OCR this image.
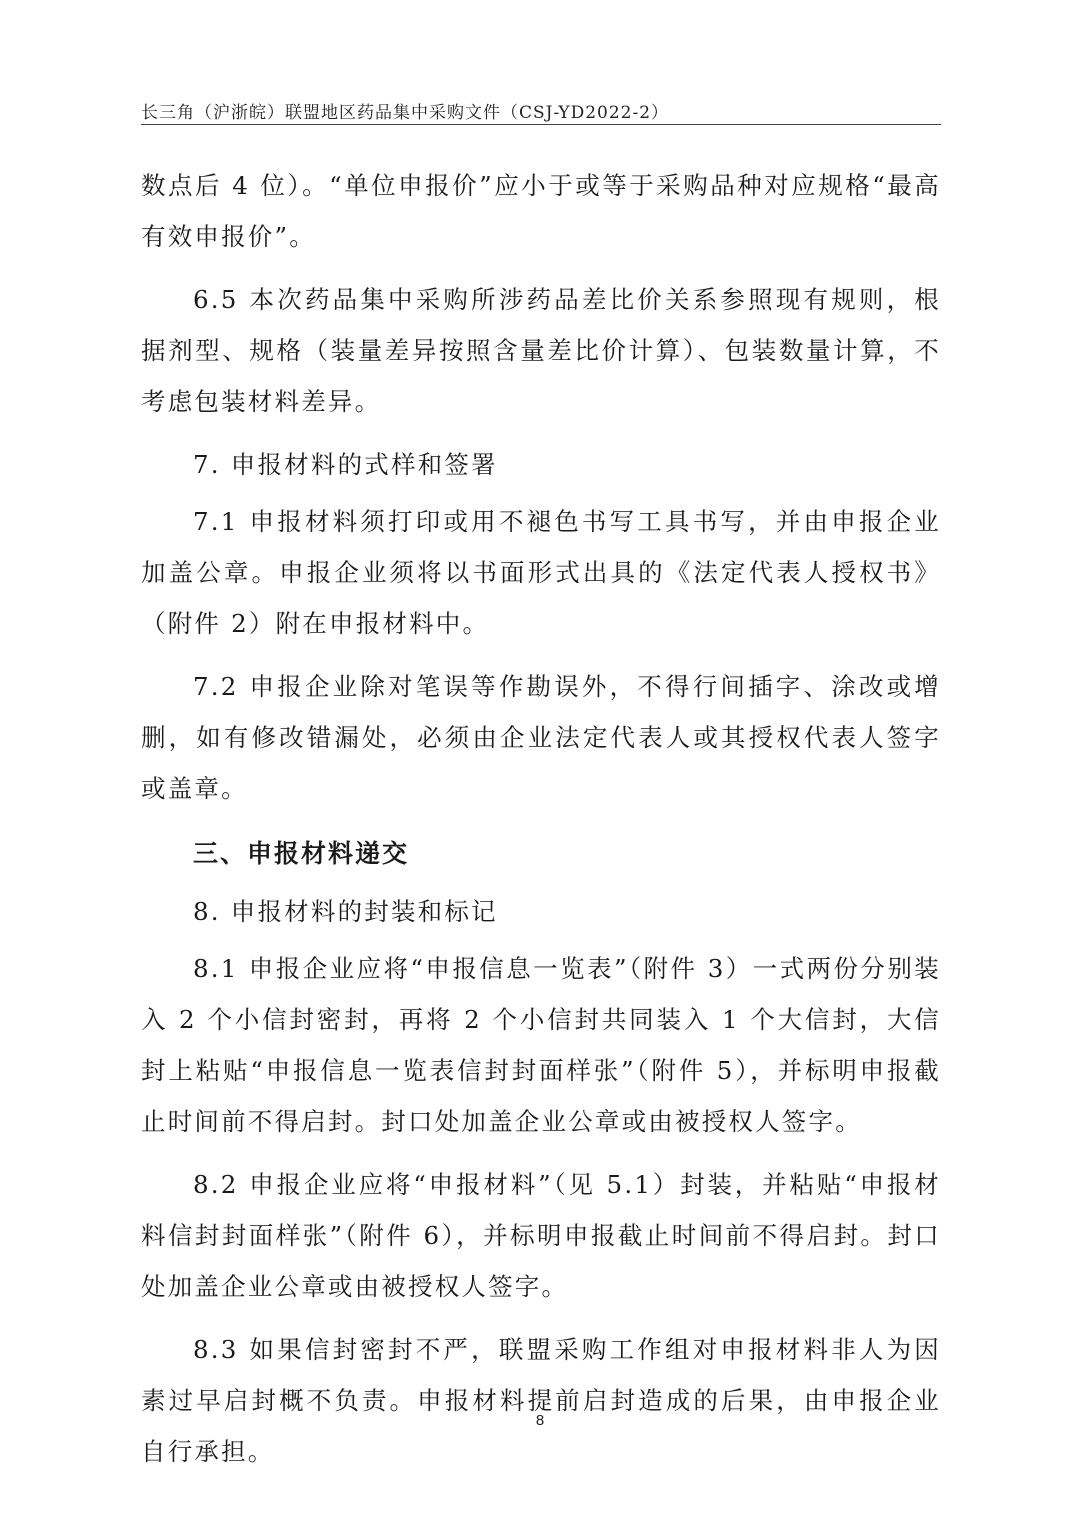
长三角（沪浙皖）联盟地区药品集中采购文件（CSJ-YD2022-2）

数点后 4 位）。“单位申报价”应小于或等于采购品种对应规格“最高有效申报价”。

6.5 本次药品集中采购所涉药品差比价关系参照现有规则，根据剂型、规格（装量差异按照含量差比价计算）、包装数量计算，不考虑包装材料差异。

7. 申报材料的式样和签署

7.1 申报材料须打印或用不褪色书写工具书写，并由申报企业加盖公章。申报企业须将以书面形式出具的《法定代表人授权书》（附件 2）附在申报材料中。

7.2 申报企业除对笔误等作勘误外，不得行间插字、涂改或增删，如有修改错漏处，必须由企业法定代表人或其授权代表人签字或盖章。

三、申报材料递交

8. 申报材料的封装和标记

8.1 申报企业应将“申报信息一览表”（附件 3）一式两份分别装入 2 个小信封密封，再将 2 个小信封共同装入 1 个大信封，大信封上粘贴“申报信息一览表信封封面样张”（附件 5），并标明申报截止时间前不得启封。封口处加盖企业公章或由被授权人签字。

8.2 申报企业应将“申报材料”（见 5.1）封装，并粘贴“申报材料信封封面样张”（附件 6），并标明申报截止时间前不得启封。封口处加盖企业公章或由被授权人签字。

8.3 如果信封密封不严，联盟采购工作组对申报材料非人为因素过早启封概不负责。申报材料提前启封造成的后果，由申报企业自行承担。

8
